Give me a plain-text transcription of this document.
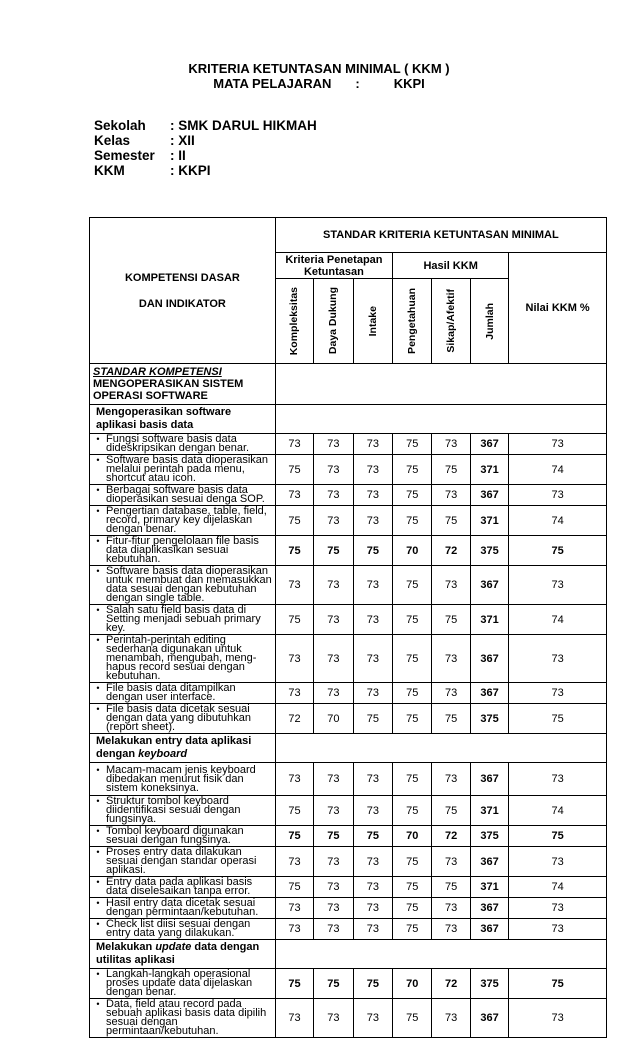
KRITERIA KETUNTASAN MINIMAL ( KKM )
MATA PELAJARAN :	KKPI
Sekolah : SMK DARUL HIKMAH
Kelas	: XII
Semester : II
KKM	: KKPI
KOMPETENSI DASAR
DAN INDIKATOR	STANDAR KRITERIA KETUNTASAN MINIMAL						
	Kriteria Penetapan Ketuntasan			Hasil KKM			Nilai KKM %

	Kompleksitas	Daya Dukung	Intake	Pengetahuan	Sikap/Afektif	Jumlah	

STANDAR KOMPETENSI
MENGOPERASIKAN SISTEM OPERASI SOFTWARE							

Mengoperasikan software aplikasi basis data							

• Fungsi software basis data dideskripsikan dengan benar.	73	73	73	75	73	367	73

• Software basis data dioperasikan melalui perintah pada menu, shortcut atau icon.	75	73	73	75	75	371	74

• Berbagai software basis data dioperasikan sesuai denga SOP.	73	73	73	75	73	367	73

• Pengertian database, table, field, record, primary key dijelaskan dengan benar.	75	73	73	75	75	371	74

• Fitur-fitur pengelolaan file basis data diaplikasikan sesuai kebutuhan.	75	75	75	70	72	375	75

• Software basis data dioperasikan untuk membuat dan memasukkan data sesuai dengan kebutuhan dengan single table.	73	73	73	75	73	367	73

• Salah satu field basis data di Setting menjadi sebuah primary key.	75	73	73	75	75	371	74

• Perintah-perintah editing sederhana digunakan untuk menambah, mengubah, meng-hapus record sesuai dengan kebutuhan.	73	73	73	75	73	367	73

• File basis data ditampilkan dengan user interface.	73	73	73	75	73	367	73

• File basis data dicetak sesuai dengan data yang dibutuhkan (report sheet).	72	70	75	75	75	375	75
Melakukan entry data aplikasi dengan keyboard							

• Macam-macam jenis keyboard dibedakan menurut fisik dan sistem koneksinya.	73	73	73	75	73	367	73

• Struktur tombol keyboard diidentifikasi sesuai dengan fungsinya.	75	73	73	75	75	371	74

• Tombol keyboard digunakan sesuai dengan fungsinya.	75	75	75	70	72	375	75

• Proses entry data dilakukan sesuai dengan standar operasi aplikasi.	73	73	73	75	73	367	73

• Entry data pada aplikasi basis data diselesaikan tanpa error.	75	73	73	75	75	371	74

• Hasil entry data dicetak sesuai dengan permintaan/kebutuhan.	73	73	73	75	73	367	73

• Check list diisi sesuai dengan entry data yang dilakukan.	73	73	73	75	73	367	73
Melakukan update data dengan utilitas aplikasi							

• Langkah-langkah operasional proses update data dijelaskan dengan benar.	75	75	75	70	72	375	75

• Data, field atau record pada sebuah aplikasi basis data dipilih sesuai dengan permintaan/kebutuhan.	73	73	73	75	73	367	73
